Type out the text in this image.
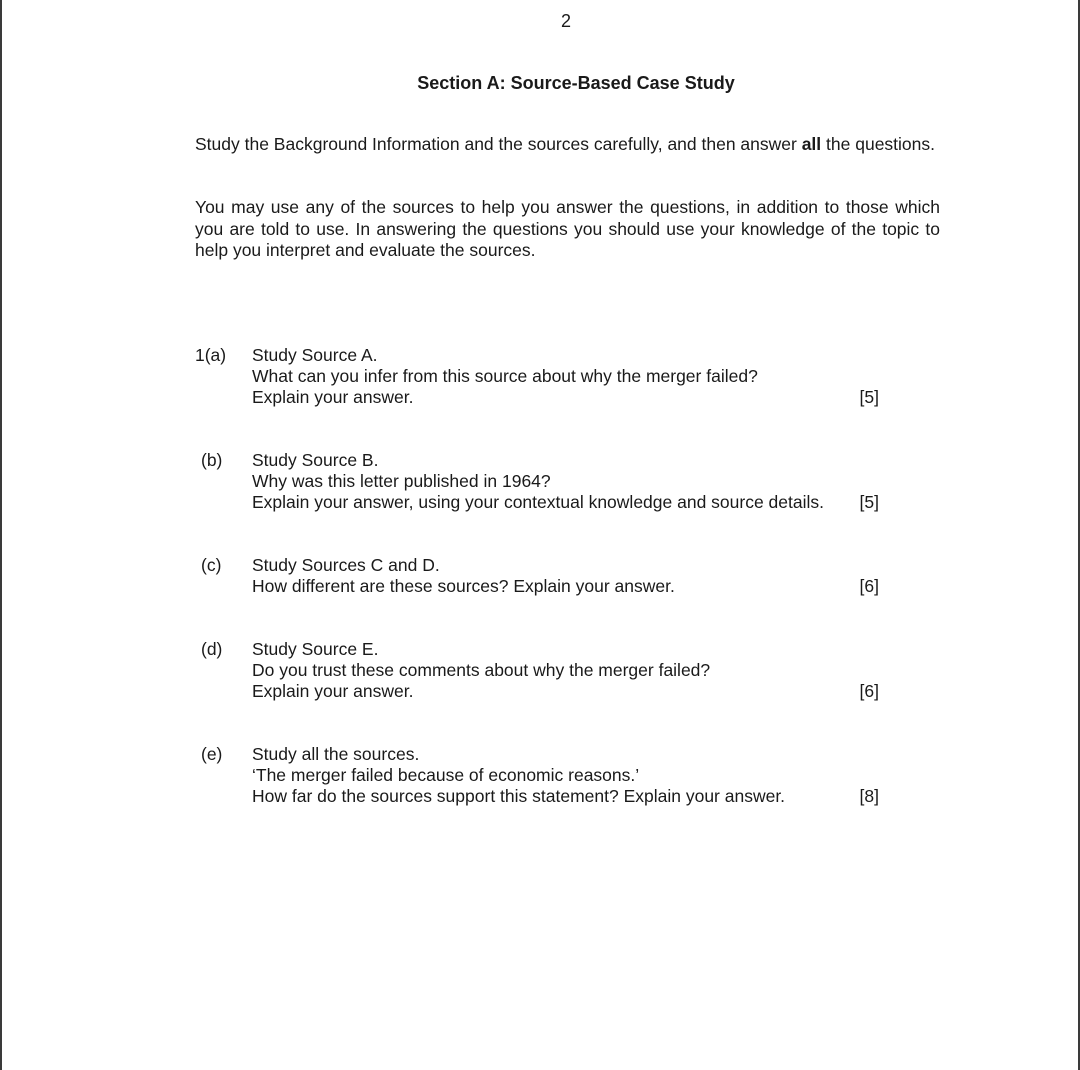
2
Section A: Source-Based Case Study

Study the Background Information and the sources carefully, and then answer all the questions.

You may use any of the sources to help you answer the questions, in addition to those which you are told to use. In answering the questions you should use your knowledge of the topic to help you interpret and evaluate the sources.

1(a)	Study Source A.
What can you infer from this source about why the merger failed?
Explain your answer.	[5]
(b)	Study Source B.
Why was this letter published in 1964?
Explain your answer, using your contextual knowledge and source details.	[5]
(c)	Study Sources C and D.
How different are these sources? Explain your answer.	[6]
(d)	Study Source E.
Do you trust these comments about why the merger failed?
Explain your answer.	[6]
(e)	Study all the sources.
‘The merger failed because of economic reasons.’
How far do the sources support this statement? Explain your answer.	[8]
